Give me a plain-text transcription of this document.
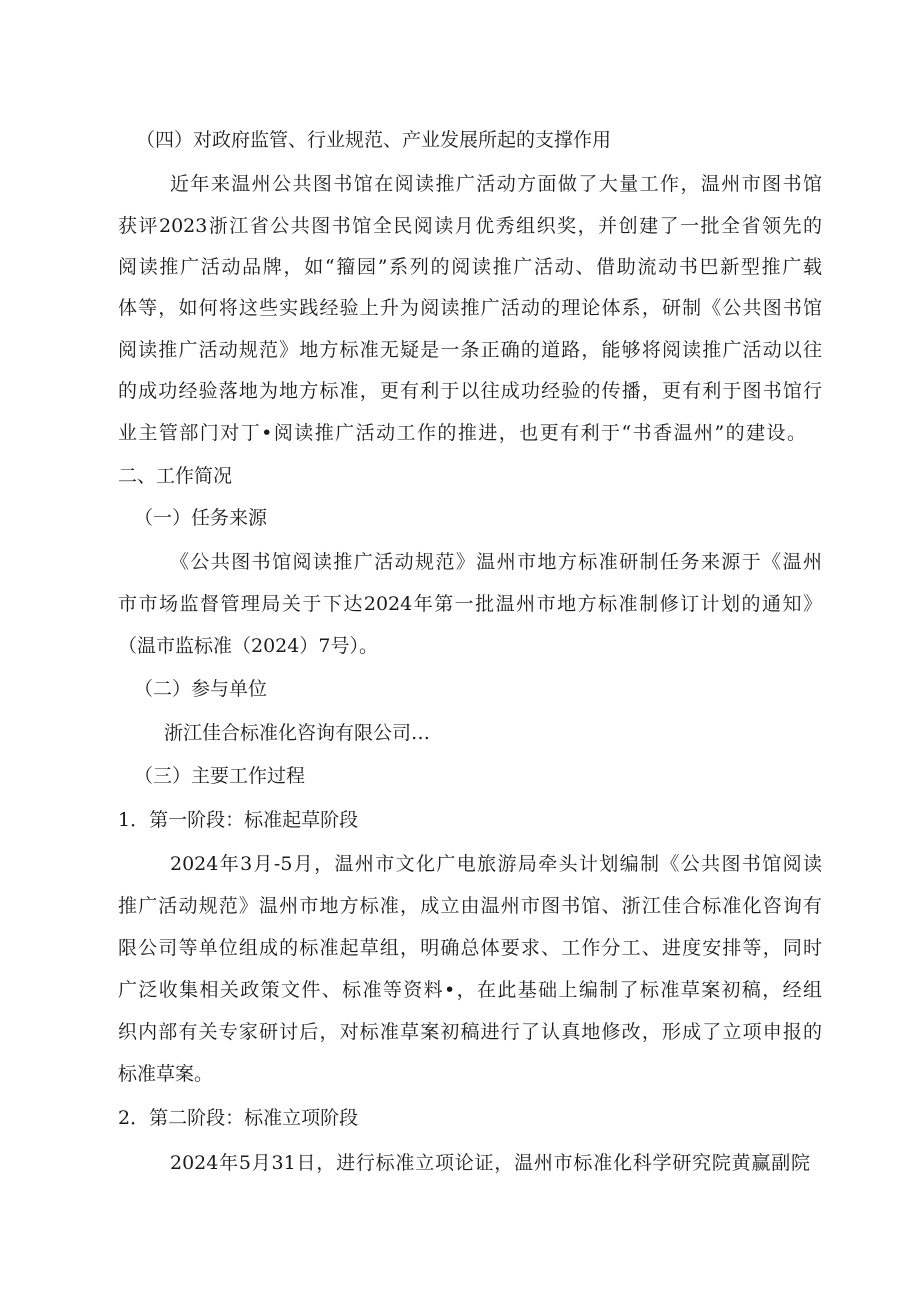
（四）对政府监管、行业规范、产业发展所起的支撑作用
近年来温州公共图书馆在阅读推广活动方面做了大量工作，温州市图书馆
获评2023浙江省公共图书馆全民阅读月优秀组织奖，并创建了一批全省领先的
阅读推广活动品牌，如“籀园”系列的阅读推广活动、借助流动书巴新型推广载
体等，如何将这些实践经验上升为阅读推广活动的理论体系，研制《公共图书馆
阅读推广活动规范》地方标准无疑是一条正确的道路，能够将阅读推广活动以往
的成功经验落地为地方标准，更有利于以往成功经验的传播，更有利于图书馆行
业主管部门对丁•阅读推广活动工作的推进，也更有利于“书香温州”的建设。
二、工作简况
（一）任务来源
《公共图书馆阅读推广活动规范》温州市地方标准研制任务来源于《温州
市市场监督管理局关于下达2024年第一批温州市地方标准制修订计划的通知》
（温市监标准（2024）7号）。
（二）参与单位
浙江佳合标准化咨询有限公司…
（三）主要工作过程
1．第一阶段：标准起草阶段
2024年3月-5月，温州市文化广电旅游局牵头计划编制《公共图书馆阅读
推广活动规范》温州市地方标准，成立由温州市图书馆、浙江佳合标准化咨询有
限公司等单位组成的标准起草组，明确总体要求、工作分工、进度安排等，同时
广泛收集相关政策文件、标准等资料•，在此基础上编制了标准草案初稿，经组
织内部有关专家研讨后，对标准草案初稿进行了认真地修改，形成了立项申报的
标准草案。
2．第二阶段：标准立项阶段
2024年5月31日，进行标准立项论证，温州市标准化科学研究院黄赢副院
